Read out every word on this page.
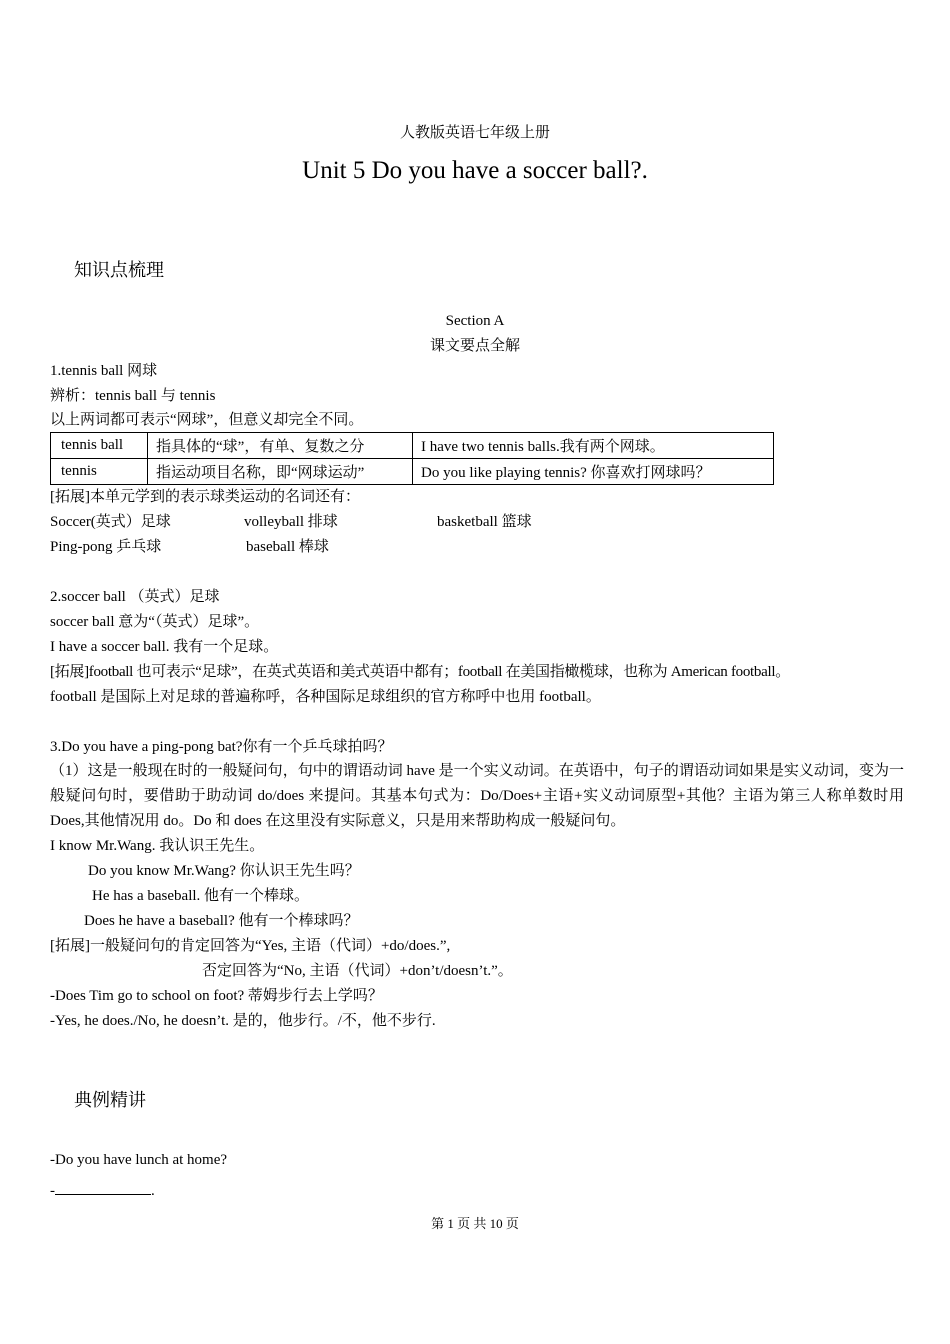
人教版英语七年级上册
Unit 5 Do you have a soccer ball?.
知识点梳理
Section A
课文要点全解
1.tennis ball 网球
辨析：tennis ball 与 tennis
以上两词都可表示“网球”，但意义却完全不同。
tennis ball	指具体的“球”，有单、复数之分	I have two tennis balls.我有两个网球。
tennis	指运动项目名称，即“网球运动”	Do you like playing tennis? 你喜欢打网球吗？
[拓展]本单元学到的表示球类运动的名词还有：
Soccer(英式）足球	volleyball 排球	basketball 篮球
Ping-pong 乒乓球	baseball 棒球
2.soccer ball （英式）足球
soccer ball 意为“（英式）足球”。
I have a soccer ball. 我有一个足球。
[拓展]football 也可表示“足球”，在英式英语和美式英语中都有；football 在美国指橄榄球，也称为 American football。
football 是国际上对足球的普遍称呼，各种国际足球组织的官方称呼中也用 football。
3.Do you have a ping-pong bat?你有一个乒乓球拍吗？
（1）这是一般现在时的一般疑问句，句中的谓语动词 have 是一个实义动词。在英语中，句子的谓语动词如果是实义动词，变为一般疑问句时，要借助于助动词 do/does 来提问。其基本句式为：Do/Does+主语+实义动词原型+其他？主语为第三人称单数时用 Does,其他情况用 do。Do 和 does 在这里没有实际意义，只是用来帮助构成一般疑问句。
I know Mr.Wang. 我认识王先生。
Do you know Mr.Wang? 你认识王先生吗？
He has a baseball. 他有一个棒球。
Does he have a baseball? 他有一个棒球吗？
[拓展]一般疑问句的肯定回答为“Yes, 主语（代词）+do/does.”,
否定回答为“No, 主语（代词）+don’t/doesn’t.”。
-Does Tim go to school on foot? 蒂姆步行去上学吗？
-Yes, he does./No, he doesn’t. 是的，他步行。/不，他不步行.
典例精讲
-Do you have lunch at home?
-	.
第 1 页 共 10 页
